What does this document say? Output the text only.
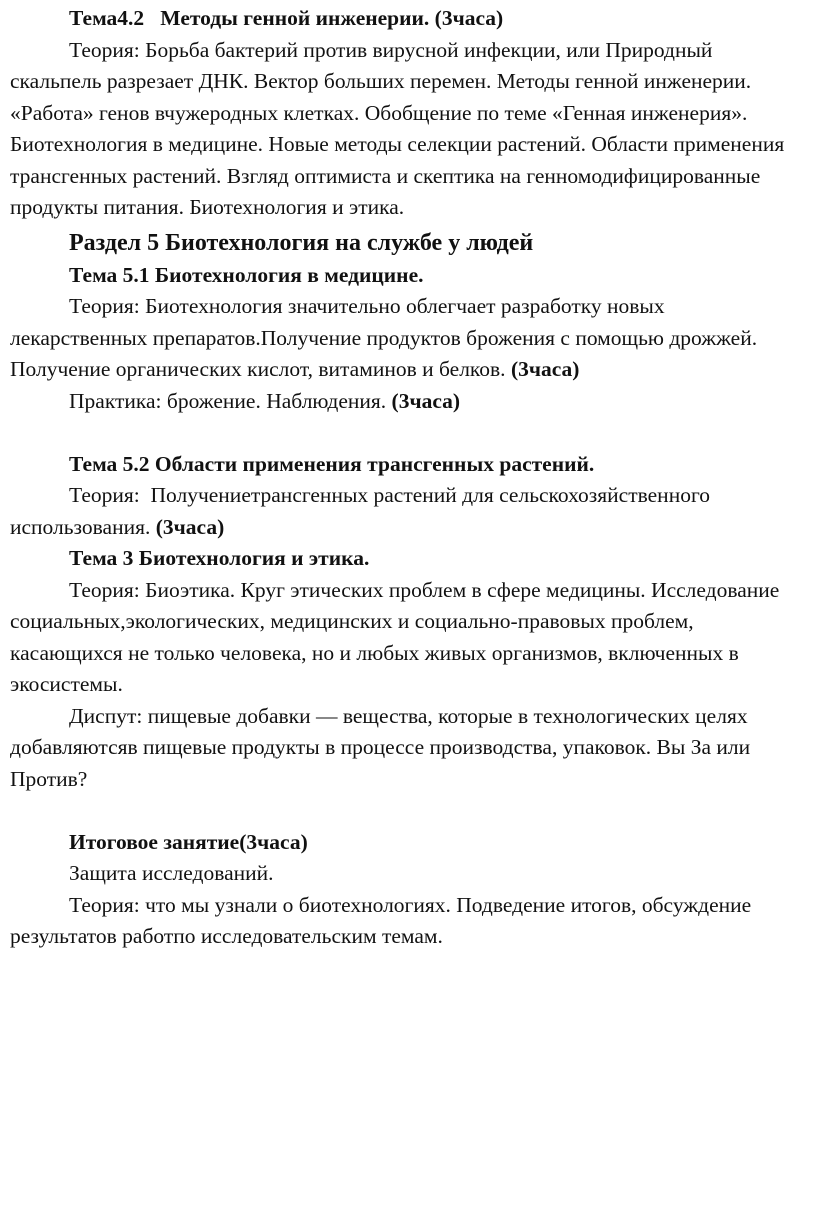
Тема4.2   Методы генной инженерии. (3часа)

Теория: Борьба бактерий против вирусной инфекции, или Природный скальпель разрезает ДНК. Вектор больших перемен. Методы генной инженерии. «Работа» генов вчужеродных клетках. Обобщение по теме «Генная инженерия». Биотехнология в медицине. Новые методы селекции растений. Области применения трансгенных растений. Взгляд оптимиста и скептика на генномодифицированные продукты питания. Биотехнология и этика.

Раздел 5 Биотехнология на службе у людей

Тема 5.1 Биотехнология в медицине.

Теория: Биотехнология значительно облегчает разработку новых лекарственных препаратов.Получение продуктов брожения с помощью дрожжей. Получение органических кислот, витаминов и белков. (3часа)

Практика: брожение. Наблюдения. (3часа)

Тема 5.2 Области применения трансгенных растений.

Теория:  Получениетрансгенных растений для сельскохозяйственного использования. (3часа)

Тема 3 Биотехнология и этика.

Теория: Биоэтика. Круг этических проблем в сфере медицины. Исследование социальных,экологических, медицинских и социально-правовых проблем, касающихся не только человека, но и любых живых организмов, включенных в экосистемы.

Диспут: пищевые добавки — вещества, которые в технологических целях добавляютсяв пищевые продукты в процессе производства, упаковок. Вы За или Против?

Итоговое занятие(3часа)

Защита исследований.

Теория: что мы узнали о биотехнологиях. Подведение итогов, обсуждение результатов работпо исследовательским темам.
